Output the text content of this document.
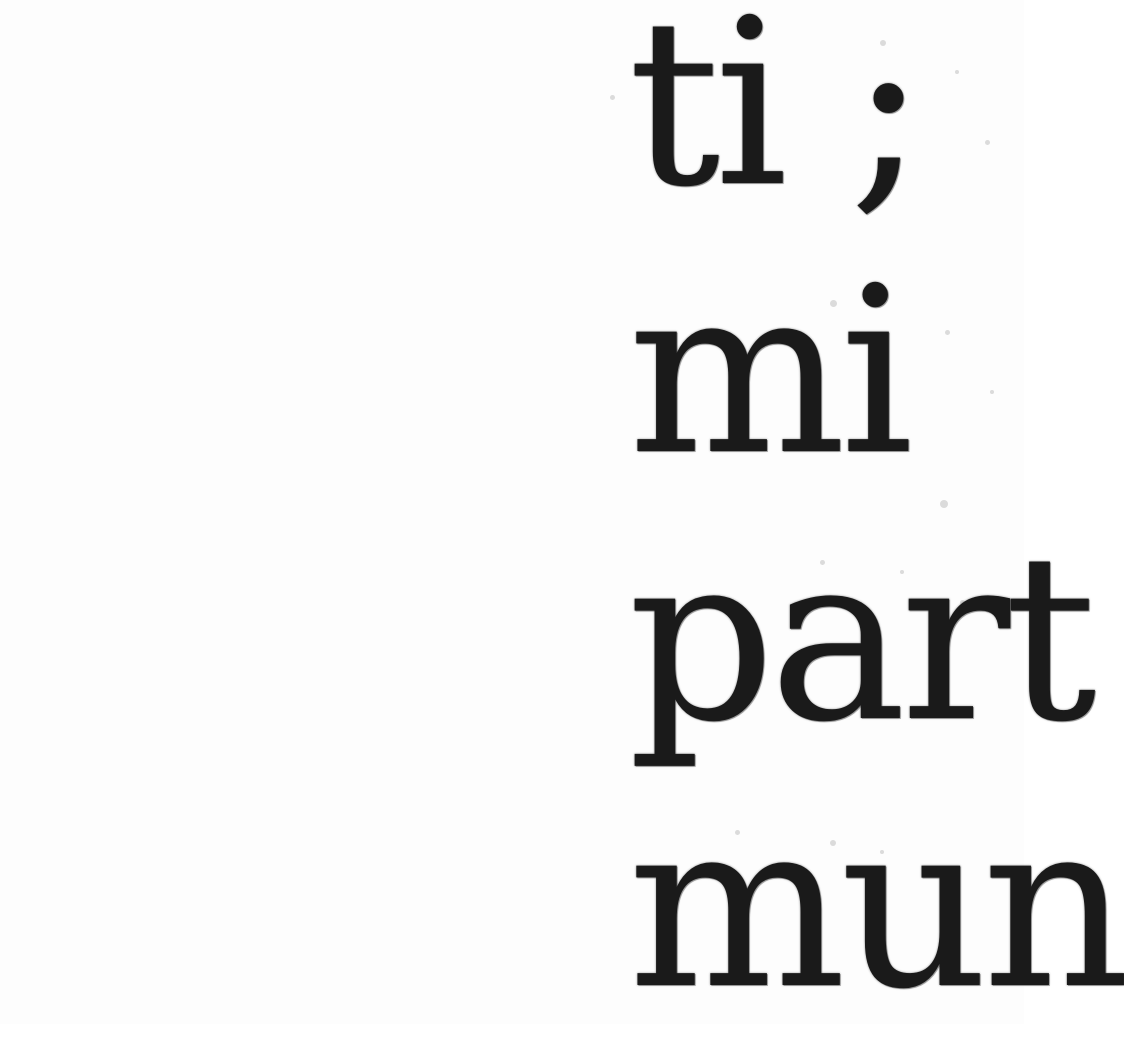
ti ;
mi
part
mun
